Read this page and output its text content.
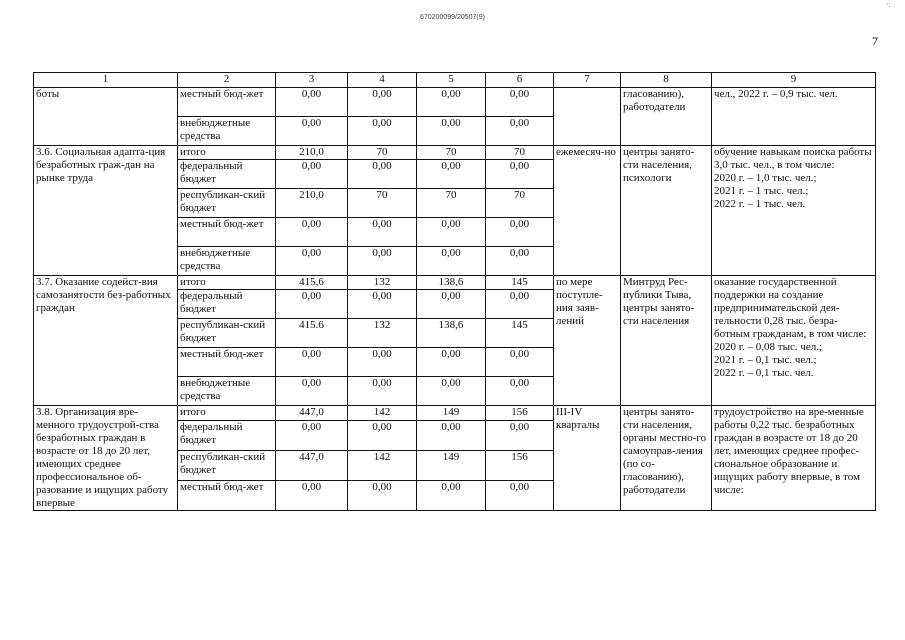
670200099/20507(9)
7
·:
1	2	3	4	5	6	7	8	9
боты	местный бюд-жет	0,00	0,00	0,00	0,00		гласованию), работодатели	чел., 2022 г. – 0,9 тыс. чел.
	внебюджетные средства	0,00	0,00	0,00	0,00			
3.6. Социальная адапта-ция безработных граж-дан на рынке труда	итого	210,0	70	70	70	ежемесяч-но	центры занято-сти населения, психологи	обучение навыкам поиска работы 3,0 тыс. чел., в том числе:
2020 г. – 1,0 тыс. чел.;
2021 г. – 1 тыс. чел.;
2022 г. – 1 тыс. чел.
	федеральный бюджет	0,00	0,00	0,00	0,00			
	республикан-ский бюджет	210,0	70	70	70			
	местный бюд-жет	0,00	0,00	0,00	0,00			
	внебюджетные средства	0,00	0,00	0,00	0,00			
3.7. Оказание содейст-вия самозанятости без-работных граждан	итого	415,6	132	138,6	145	по мере поступле-ния заяв-лений	Минтруд Рес-публики Тыва, центры занято-сти населения	оказание государственной поддержки на создание предпринимательской дея-тельности 0,28 тыс. безра-ботным гражданам, в том числе:
2020 г. – 0,08 тыс. чел.;
2021 г. – 0,1 тыс. чел.;
2022 г. – 0,1 тыс. чел.
	федеральный бюджет	0,00	0,00	0,00	0,00			
	республикан-ский бюджет	415.6	132	138,6	145			
	местный бюд-жет	0,00	0,00	0,00	0,00			
	внебюджетные средства	0,00	0,00	0,00	0,00			
3.8. Организация вре-менного трудоустрой-ства безработных граждан в возрасте от 18 до 20 лет, имеющих среднее профессиональное об-разование и ищущих работу впервые	итого	447,0	142	149	156	III-IV кварталы	центры занято-сти населения, органы местно-го самоуправ-ления (по со-гласованию), работодатели	трудоустройство на вре-менные работы 0,22 тыс. безработных граждан в возрасте от 18 до 20 лет, имеющих среднее профес-сиональное образование и ищущих работу впервые, в том числе:
	федеральный бюджет	0,00	0,00	0,00	0,00			
	республикан-ский бюджет	447,0	142	149	156			
	местный бюд-жет	0,00	0,00	0,00	0,00			
